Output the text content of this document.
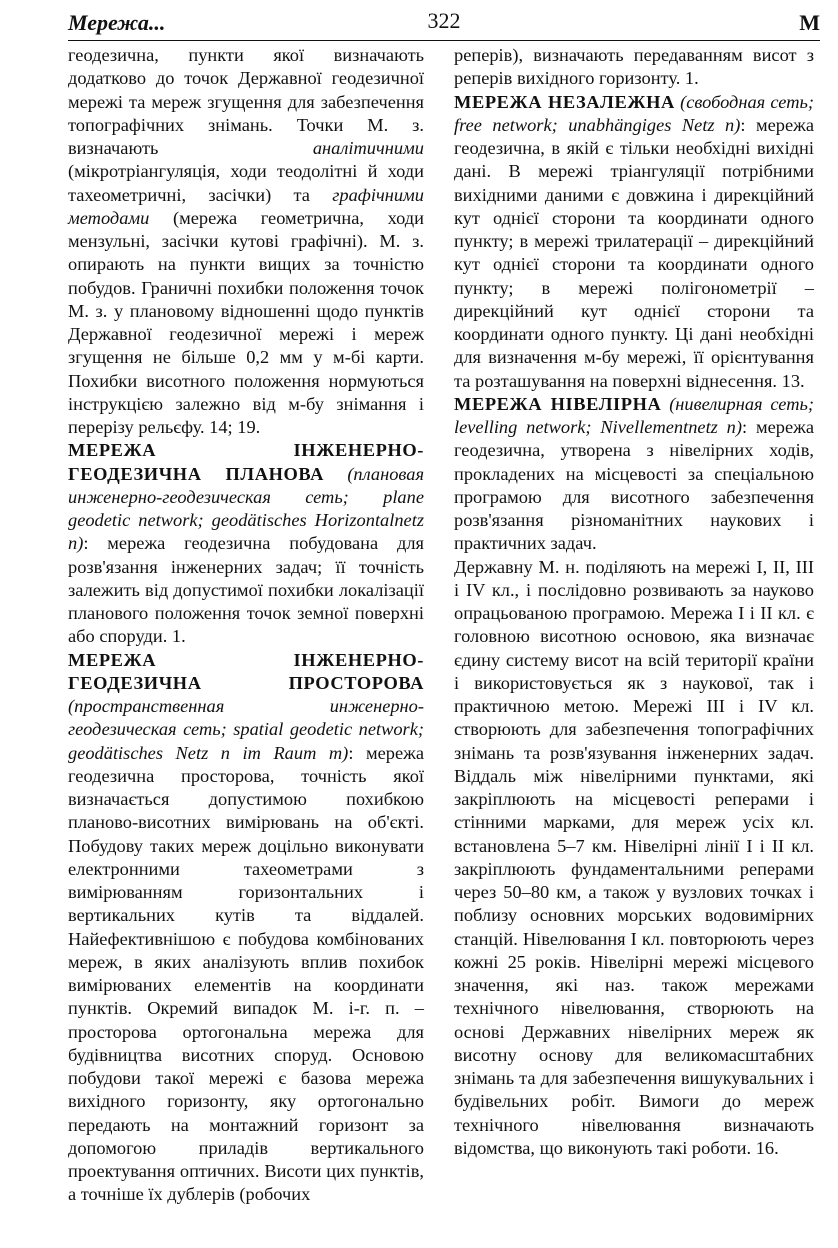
Мережа...	322	М

геодезична, пункти якої визначають додатково до точок Державної геодезичної мережі та мереж згущення для забезпечення топографічних знімань. Точки М. з. визначають аналітичними (мікротріангуляція, ходи теодолітні й ходи тахеометричні, засічки) та графічними методами (мережа геометрична, ходи мензульні, засічки кутові графічні). М. з. опирають на пункти вищих за точністю побудов. Граничні похибки положення точок М. з. у плановому відношенні щодо пунктів Державної геодезичної мережі і мереж згущення не більше 0,2 мм у м-бі карти. Похибки висотного положення нормуються інструкцією залежно від м-бу знімання і перерізу рельєфу. 14; 19.

МЕРЕЖА ІНЖЕНЕРНО-ГЕОДЕЗИЧНА ПЛАНОВА (плановая инженерно-геодезическая сеть; plane geodetic network; geodätisches Horizontalnetz n): мережа геодезична побудована для розв'язання інженерних задач; її точність залежить від допустимої похибки локалізації планового положення точок земної поверхні або споруди. 1.

МЕРЕЖА ІНЖЕНЕРНО-ГЕОДЕЗИЧНА ПРОСТОРОВА (пространственная инженерно-геодезическая сеть; spatial geodetic network; geodätisches Netz n im Raum m): мережа геодезична просторова, точність якої визначається допустимою похибкою планово-висотних вимірювань на об'єкті. Побудову таких мереж доцільно виконувати електронними тахеометрами з вимірюванням горизонтальних і вертикальних кутів та віддалей. Найефективнішою є побудова комбінованих мереж, в яких аналізують вплив похибок вимірюваних елементів на координати пунктів. Окремий випадок М. і-г. п. – просторова ортогональна мережа для будівництва висотних споруд. Основою побудови такої мережі є базова мережа вихідного горизонту, яку ортогонально передають на монтажний горизонт за допомогою приладів вертикального проектування оптичних. Висоти цих пунктів, а точніше їх дублерів (робочих

реперів), визначають передаванням висот з реперів вихідного горизонту. 1.

МЕРЕЖА НЕЗАЛЕЖНА (свободная сеть; free network; unabhängiges Netz n): мережа геодезична, в якій є тільки необхідні вихідні дані. В мережі тріангуляції потрібними вихідними даними є довжина і дирекційний кут однієї сторони та координати одного пункту; в мережі трилатерації – дирекційний кут однієї сторони та координати одного пункту; в мережі полігонометрії – дирекційний кут однієї сторони та координати одного пункту. Ці дані необхідні для визначення м-бу мережі, її орієнтування та розташування на поверхні віднесення. 13.

МЕРЕЖА НІВЕЛІРНА (нивелирная сеть; levelling network; Nivellementnetz n): мережа геодезична, утворена з нівелірних ходів, прокладених на місцевості за спеціальною програмою для висотного забезпечення розв'язання різноманітних наукових і практичних задач.

Державну М. н. поділяють на мережі I, II, III і IV кл., і послідовно розвивають за науково опрацьованою програмою. Мережа I і II кл. є головною висотною основою, яка визначає єдину систему висот на всій території країни і використовується як з наукової, так і практичною метою. Мережі III і IV кл. створюють для забезпечення топографічних знімань та розв'язування інженерних задач. Віддаль між нівелірними пунктами, які закріплюють на місцевості реперами і стінними марками, для мереж усіх кл. встановлена 5–7 км. Нівелірні лінії I і II кл. закріплюють фундаментальними реперами через 50–80 км, а також у вузлових точках і поблизу основних морських водовимірних станцій. Нівелювання I кл. повторюють через кожні 25 років. Нівелірні мережі місцевого значення, які наз. також мережами технічного нівелювання, створюють на основі Державних нівелірних мереж як висотну основу для великомасштабних знімань та для забезпечення вишукувальних і будівельних робіт. Вимоги до мереж технічного нівелювання визначають відомства, що виконують такі роботи. 16.
